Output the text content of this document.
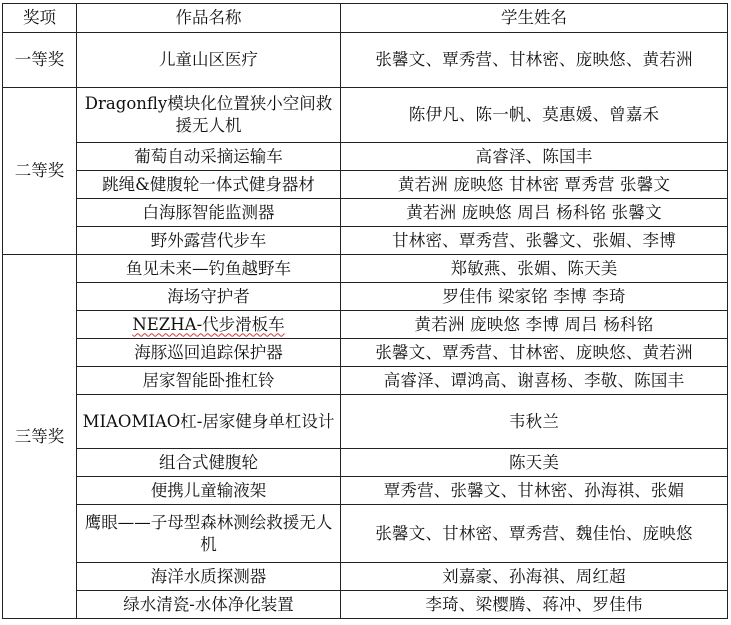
奖项	作品名称	学生姓名
一等奖	儿童山区医疗	张馨文、覃秀营、甘林密、庞映悠、黄若洲
二等奖	Dragonfly模块化位置狭小空间救援无人机	陈伊凡、陈一帆、莫惠媛、曾嘉禾
	葡萄自动采摘运输车	高睿泽、陈国丰
	跳绳&健腹轮一体式健身器材	黄若洲 庞映悠 甘林密 覃秀营 张馨文
	白海豚智能监测器	黄若洲 庞映悠 周吕 杨科铭 张馨文
	野外露营代步车	甘林密、覃秀营、张馨文、张媚、李博
三等奖	鱼见未来—钓鱼越野车	郑敏燕、张媚、陈天美
	海场守护者	罗佳伟 梁家铭 李博 李琦
	NEZHA-代步滑板车	黄若洲 庞映悠 李博 周吕 杨科铭
	海豚巡回追踪保护器	张馨文、覃秀营、甘林密、庞映悠、黄若洲
	居家智能卧推杠铃	高睿泽、谭鸿高、谢喜杨、李敬、陈国丰
	MIAOMIAO杠-居家健身单杠设计	韦秋兰
	组合式健腹轮	陈天美
	便携儿童输液架	覃秀营、张馨文、甘林密、孙海祺、张媚
	鹰眼——子母型森林测绘救援无人机	张馨文、甘林密、覃秀营、魏佳怡、庞映悠
	海洋水质探测器	刘嘉豪、孙海祺、周红超
	绿水清瓷-水体净化装置	李琦、梁樱腾、蒋冲、罗佳伟
